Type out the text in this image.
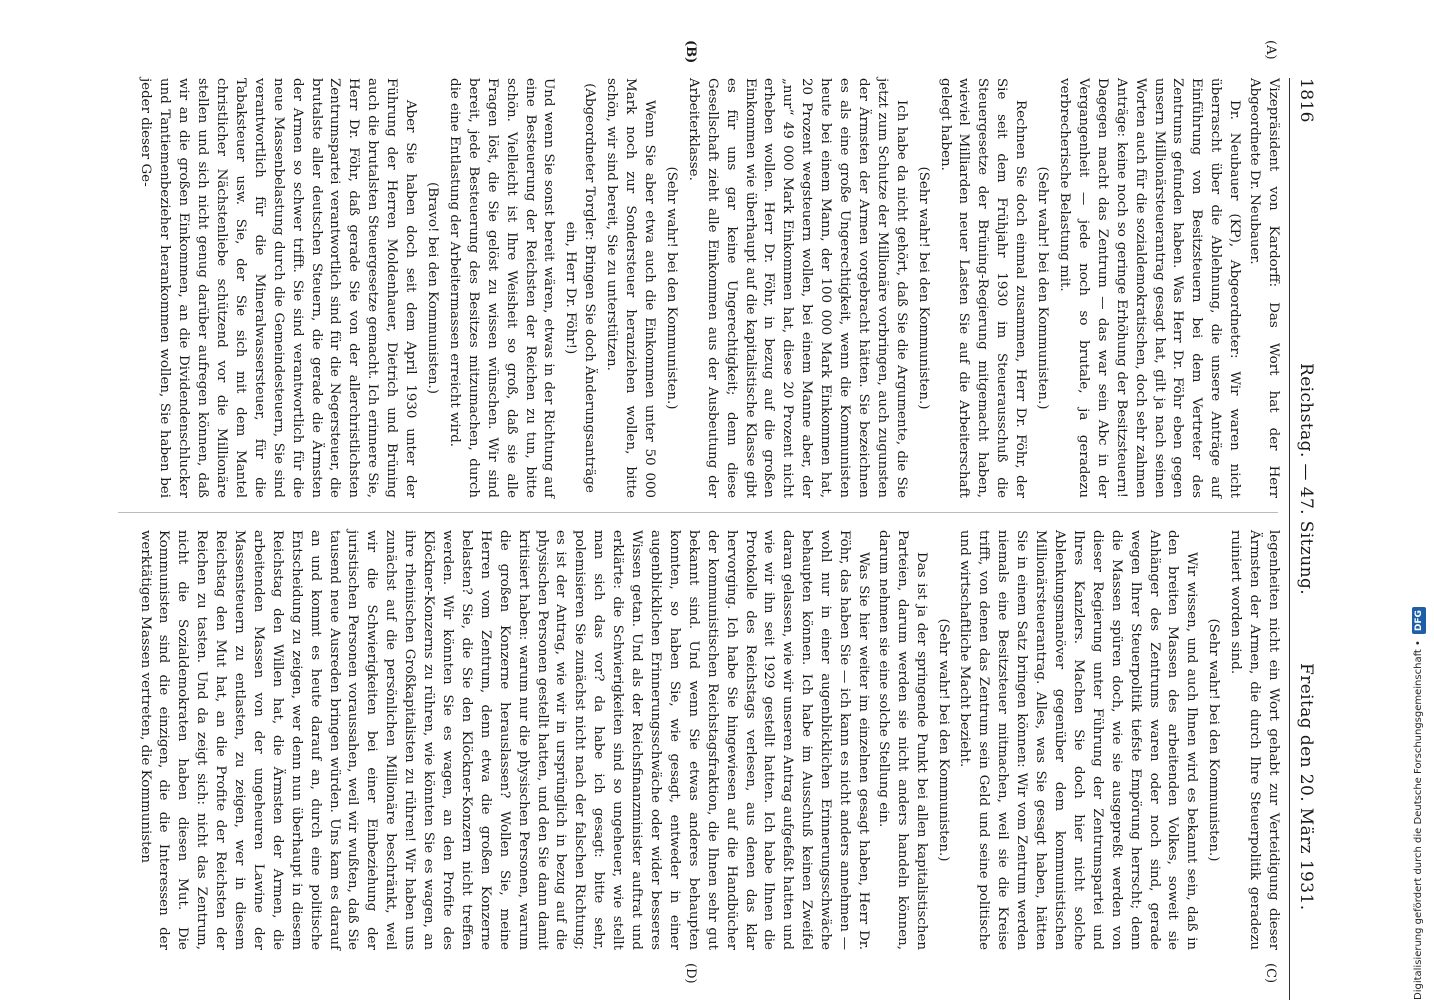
1816
Reichstag. — 47. Sitzung.
Freitag den 20. März 1931.
(A)
(B)
(C)
(D)

Vizepräsident von Kardorff: Das Wort hat der Herr Abgeordnete Dr. Neubauer.

Dr. Neubauer (KP), Abgeordneter: Wir waren nicht überrascht über die Ablehnung, die unsere Anträge auf Einführung von Besitzsteuern bei dem Vertreter des Zentrums gefunden haben. Was Herr Dr. Föhr eben gegen unsern Millionärsteuerantrag gesagt hat, gilt ja nach seinen Worten auch für die sozialdemokratischen, doch sehr zahmen Anträge: keine noch so geringe Erhöhung der Besitzsteuern! Dagegen macht das Zentrum — das war sein Abc in der Vergangenheit — jede noch so brutale, ja geradezu verbrecherische Belastung mit.

(Sehr wahr! bei den Kommunisten.)

Rechnen Sie doch einmal zusammen, Herr Dr. Föhr, der Sie seit dem Frühjahr 1930 im Steuerausschuß die Steuergesetze der Brüning-Regierung mitgemacht haben, wieviel Milliarden neuer Lasten Sie auf die Arbeiterschaft gelegt haben.

(Sehr wahr! bei den Kommunisten.)

Ich habe da nicht gehört, daß Sie die Argumente, die Sie jetzt zum Schutze der Millionäre vorbringen, auch zugunsten der Ärmsten der Armen vorgebracht hätten. Sie bezeichnen es als eine große Ungerechtigkeit, wenn die Kommunisten heute bei einem Mann, der 100 000 Mark Einkommen hat, 20 Prozent wegsteuern wollen, bei einem Manne aber, der „nur“ 49 000 Mark Einkommen hat, diese 20 Prozent nicht erheben wollen. Herr Dr. Föhr, in bezug auf die großen Einkommen wie überhaupt auf die kapitalistische Klasse gibt es für uns gar keine Ungerechtigkeit; denn diese Gesellschaft zieht alle Einkommen aus der Ausbeutung der Arbeiterklasse.

(Sehr wahr! bei den Kommunisten.)

Wenn Sie aber etwa auch die Einkommen unter 50 000 Mark noch zur Sondersteuer heranziehen wollen, bitte schön, wir sind bereit, Sie zu unterstützen.

(Abgeordneter Torgler: Bringen Sie doch Änderungsanträge ein, Herr Dr. Föhr!)

Und wenn Sie sonst bereit wären, etwas in der Richtung auf eine Besteuerung der Reichsten der Reichen zu tun, bitte schön. Vielleicht ist Ihre Weisheit so groß, daß sie alle Fragen löst, die Sie gelöst zu wissen wünschen. Wir sind bereit, jede Besteuerung des Besitzes mitzumachen, durch die eine Entlastung der Arbeitermassen erreicht wird.

(Bravo! bei den Kommunisten.)

Aber Sie haben doch seit dem April 1930 unter der Führung der Herren Moldenhauer, Dietrich und Brüning auch die brutalsten Steuergesetze gemacht. Ich erinnere Sie, Herr Dr. Föhr, daß gerade Sie von der allerchristlichsten Zentrumspartei verantwortlich sind für die Negersteuer, die brutalste aller deutschen Steuern, die gerade die Ärmsten der Armen so schwer trifft. Sie sind verantwortlich für die neue Massenbelastung durch die Gemeindesteuern, Sie sind verantwortlich für die Mineralwassersteuer, für die Tabaksteuer usw. Sie, der Sie sich mit dem Mantel christlicher Nächstenliebe schützend vor die Millionäre stellen und sich nicht genug darüber aufregen können, daß wir an die großen Einkommen, an die Dividendenschlucker und Tantiemenbezieher herankommen wollen, Sie haben bei jeder dieser Ge-

legenheiten nicht ein Wort gehabt zur Verteidigung dieser Ärmsten der Armen, die durch Ihre Steuerpolitik geradezu ruiniert worden sind.

(Sehr wahr! bei den Kommunisten.)

Wir wissen, und auch Ihnen wird es bekannt sein, daß in den breiten Massen des arbeitenden Volkes, soweit sie Anhänger des Zentrums waren oder noch sind, gerade wegen Ihrer Steuerpolitik tiefste Empörung herrscht; denn die Massen spüren doch, wie sie ausgepreßt werden von dieser Regierung unter Führung der Zentrumspartei und Ihres Kanzlers. Machen Sie doch hier nicht solche Ablenkungsmanöver gegenüber dem kommunistischen Millionärsteuerantrag. Alles, was Sie gesagt haben, hätten Sie in einem Satz bringen können: Wir vom Zentrum werden niemals eine Besitzsteuer mitmachen, weil sie die Kreise trifft, von denen das Zentrum sein Geld und seine politische und wirtschaftliche Macht bezieht.

(Sehr wahr! bei den Kommunisten.)

Das ist ja der springende Punkt bei allen kapitalistischen Parteien, darum werden sie nicht anders handeln können, darum nehmen sie eine solche Stellung ein.

Was Sie hier weiter im einzelnen gesagt haben, Herr Dr. Föhr, das haben Sie — ich kann es nicht anders annehmen — wohl nur in einer augenblicklichen Erinnerungsschwäche behaupten können. Ich habe im Ausschuß keinen Zweifel daran gelassen, wie wir unseren Antrag aufgefaßt hatten und wie wir ihn seit 1929 gestellt hatten. Ich habe Ihnen die Protokolle des Reichstags verlesen, aus denen das klar hervorging. Ich habe Sie hingewiesen auf die Handbücher der kommunistischen Reichstagsfraktion, die Ihnen sehr gut bekannt sind. Und wenn Sie etwas anderes behaupten konnten, so haben Sie, wie gesagt, entweder in einer augenblicklichen Erinnerungsschwäche oder wider besseres Wissen getan. Und als der Reichsfinanzminister auftrat und erklärte: die Schwierigkeiten sind so ungeheuer, wie stellt man sich das vor? da habe ich gesagt: bitte sehr, polemisieren Sie zunächst nicht nach der falschen Richtung; es ist der Antrag, wie wir in ursprünglich in bezug auf die physischen Personen gestellt hatten, und den Sie dann damit kritisiert haben: warum nur die physischen Personen, warum die großen Konzerne herauslassen? Wollen Sie, meine Herren vom Zentrum, denn etwa die großen Konzerne belasten? Sie, die Sie den Klöckner-Konzern nicht treffen werden. Wir könnten Sie es wagen, an den Profite des Klöckner-Konzerns zu rühren, wie könnten Sie es wagen, an ihre rheinischen Großkapitalisten zu rühren! Wir haben uns zunächst auf die persönlichen Millionäre beschränkt, weil wir die Schwierigkeiten bei einer Einbeziehung der juristischen Personen voraussahen, weil wir wußten, daß Sie tausend neue Ausreden bringen würden. Uns kam es darauf an und kommt es heute darauf an, durch eine politische Entscheidung zu zeigen, wer denn nun überhaupt in diesem Reichstag den Willen hat, die Ärmsten der Armen, die arbeitenden Massen von der ungeheuren Lawine der Massensteuern zu entlasten, zu zeigen, wer in diesem Reichstag den Mut hat, an die Profite der Reichsten der Reichen zu tasten. Und da zeigt sich: nicht das Zentrum, nicht die Sozialdemokraten haben diesen Mut. Die Kommunisten sind die einzigen, die die Interessen der werktätigen Massen vertreten, die Kommunisten	Digitalisierung gefördert durch die Deutsche Forschungsgemeinschaft •
DFG
